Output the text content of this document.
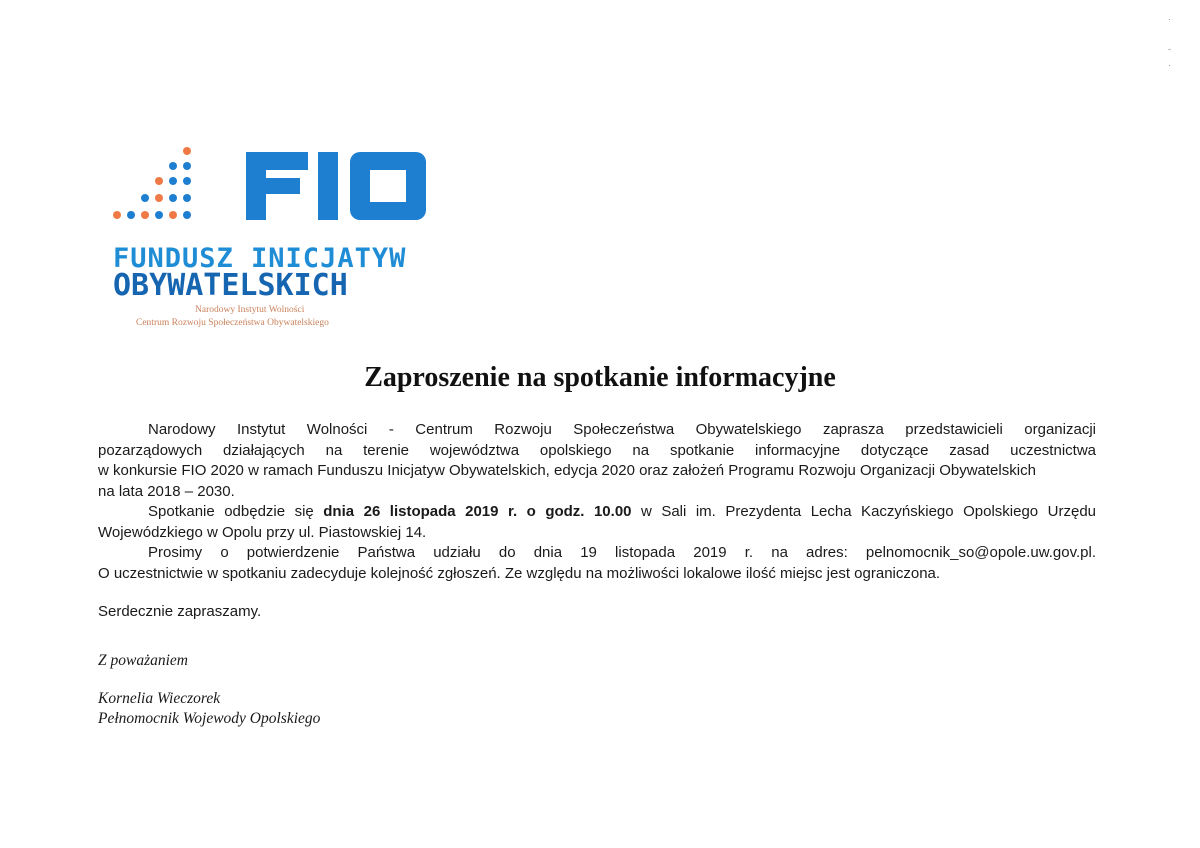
FUNDUSZ INICJATYW
OBYWATELSKICH
Narodowy Instytut Wolności
Centrum Rozwoju Społeczeństwa Obywatelskiego
·
-
·
Zaproszenie na spotkanie informacyjne

Narodowy Instytut Wolności - Centrum Rozwoju Społeczeństwa Obywatelskiego zaprasza przedstawicieli organizacji

pozarządowych działających na terenie województwa opolskiego na spotkanie informacyjne dotyczące zasad uczestnictwa

w konkursie FIO 2020 w ramach Funduszu Inicjatyw Obywatelskich, edycja 2020 oraz założeń Programu Rozwoju Organizacji Obywatelskich

na lata 2018 – 2030.

Spotkanie odbędzie się dnia 26 listopada 2019 r. o godz. 10.00 w Sali im. Prezydenta Lecha Kaczyńskiego Opolskiego Urzędu

Wojewódzkiego w Opolu przy ul. Piastowskiej 14.

Prosimy o potwierdzenie Państwa udziału do dnia 19 listopada 2019 r. na adres: pelnomocnik_so@opole.uw.gov.pl.

O uczestnictwie w spotkaniu zadecyduje kolejność zgłoszeń. Ze względu na możliwości lokalowe ilość miejsc jest ograniczona.

Serdecznie zapraszamy.

Z poważaniem
Kornelia Wieczorek
Pełnomocnik Wojewody Opolskiego
